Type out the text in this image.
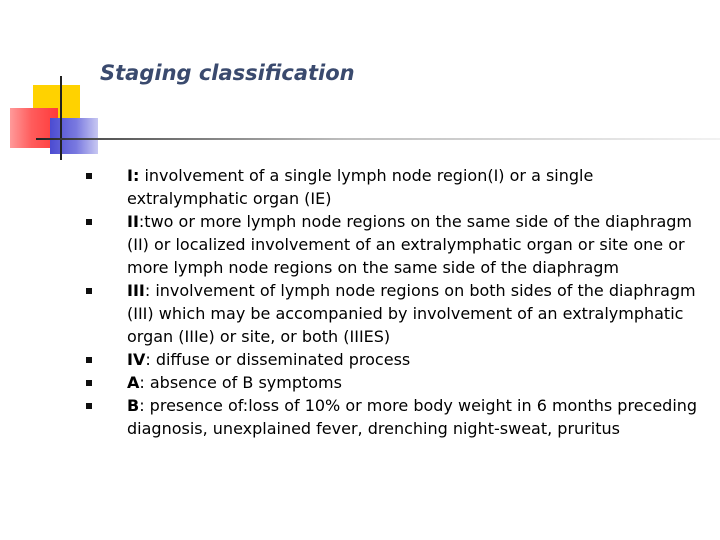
Staging classification
I: involvement of a single lymph node region(I) or a single extralymphatic organ (IE)
II:two or more lymph node regions on the same side of the diaphragm (II) or localized involvement of an extralymphatic organ or site one or more lymph node regions on the same side of the diaphragm
III: involvement of lymph node regions on both sides of the diaphragm (III) which may be accompanied by involvement of an extralymphatic organ (IIIe) or site, or both (IIIES)
IV: diffuse or disseminated process
A: absence of B symptoms
B: presence of:loss of 10% or more body weight in 6 months preceding diagnosis, unexplained fever, drenching night-sweat, pruritus
